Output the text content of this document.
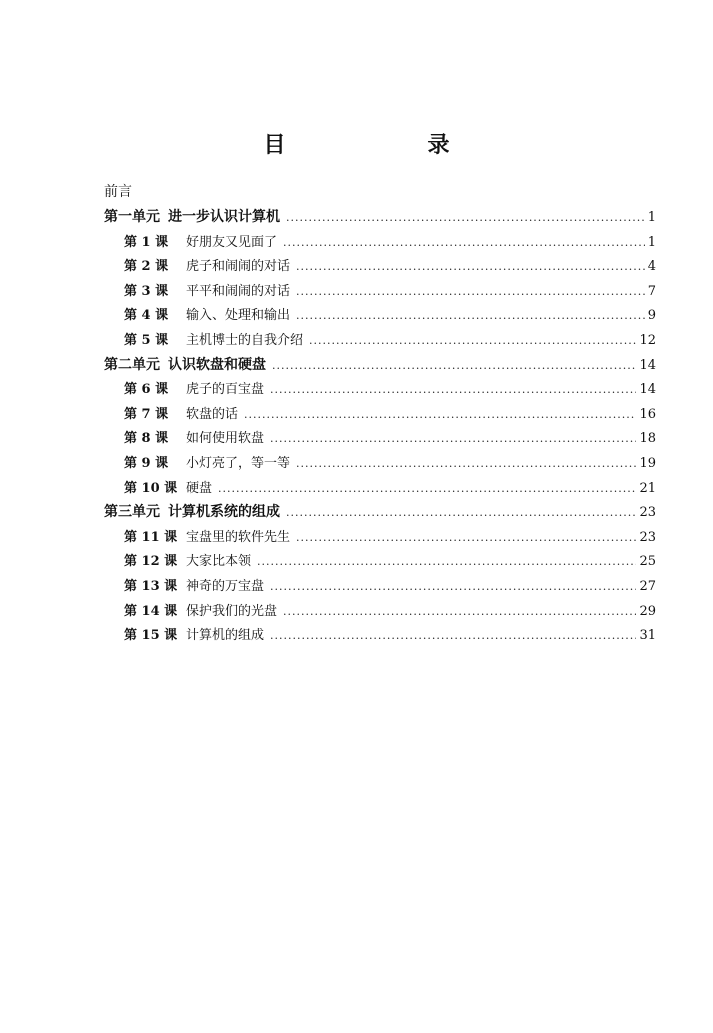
目　录
前言
第一单元 进一步认识计算机 .....	1
第 1 课 好朋友又见面了 .....	1
第 2 课 虎子和闹闹的对话 .....	4
第 3 课 平平和闹闹的对话 .....	7
第 4 课 输入、处理和输出 .....	9
第 5 课 主机博士的自我介绍 .....	12
第二单元 认识软盘和硬盘 .....	14
第 6 课 虎子的百宝盘 .....	14
第 7 课 软盘的话 .....	16
第 8 课 如何使用软盘 .....	18
第 9 课 小灯亮了，等一等 .....	19
第 10 课 硬盘 .....	21
第三单元 计算机系统的组成 .....	23
第 11 课 宝盘里的软件先生 .....	23
第 12 课 大家比本领 .....	25
第 13 课 神奇的万宝盘 .....	27
第 14 课 保护我们的光盘 .....	29
第 15 课 计算机的组成 .....	31
